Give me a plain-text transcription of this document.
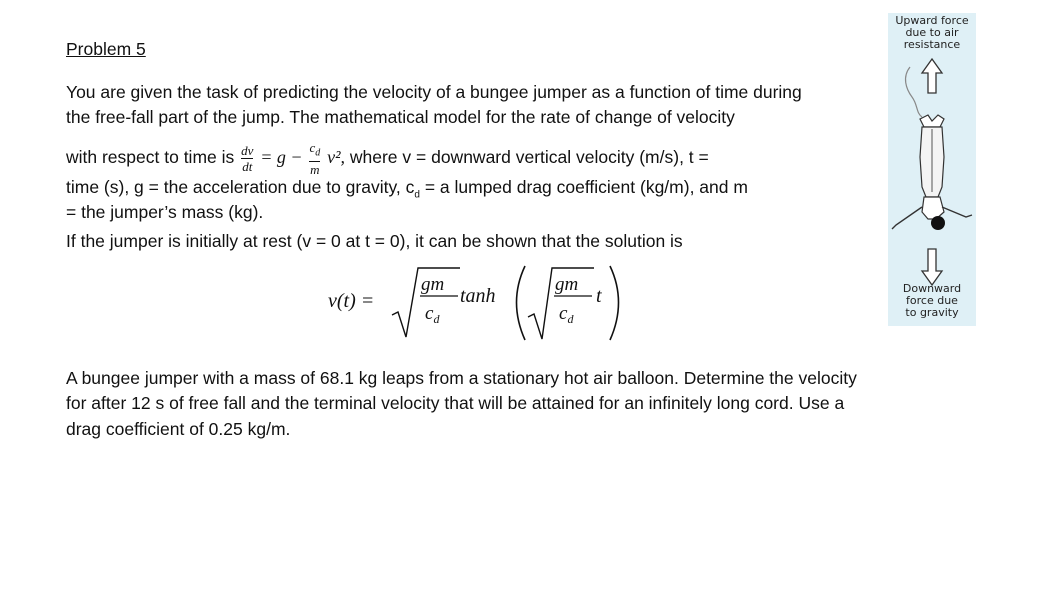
Problem 5
You are given the task of predicting the velocity of a bungee jumper as a function of time during
the free-fall part of the jump. The mathematical model for the rate of change of velocity
with respect to time is $\frac{dv}{dt} = g - \frac{c_d}{m} v^2$, where v = downward vertical velocity (m/s), t =
time (s), g = the acceleration due to gravity, $c_d = a$ lumped drag coefficient (kg/m), and m
= the jumper’s mass (kg).
If the jumper is initially at rest (v = 0 at t = 0), it can be shown that the solution is
v(t) =
gm
$c_d$
tanh
gm
$c_d$
t
Upward force
due to air
resistance
Downward
force due
to gravity
A bungee jumper with a mass of 68.1 kg leaps from a stationary hot air balloon. Determine the velocity
for after 12 s of free fall and the terminal velocity that will be attained for an infinitely long cord. Use a
drag coefficient of 0.25 kg/m.
